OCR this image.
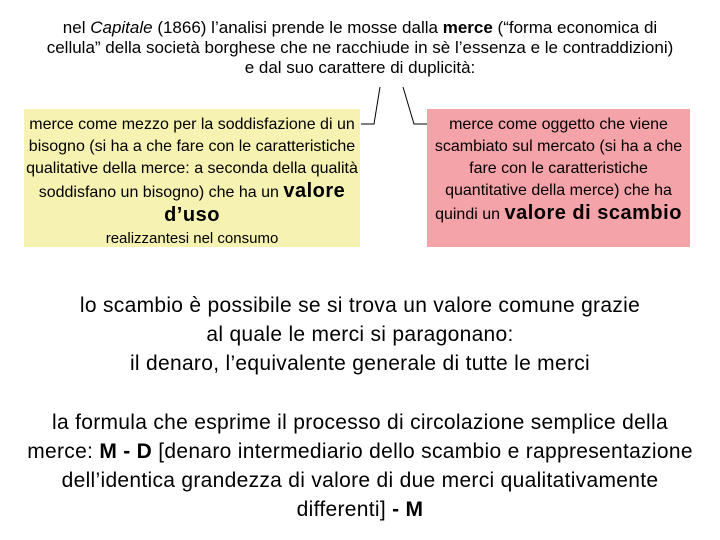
nel Capitale (1866) l’analisi prende le mosse dalla merce (“forma economica di cellula” della società borghese che ne racchiude in sè l’essenza e le contraddizioni) e dal suo carattere di duplicità:
merce come mezzo per la soddisfazione di un bisogno (si ha a che fare con le caratteristiche qualitative della merce: a seconda della qualità soddisfano un bisogno) che ha un valore d’uso
realizzantesi nel consumo
merce come oggetto che viene scambiato sul mercato (si ha a che fare con le caratteristiche quantitative della merce) che ha quindi un valore di scambio
lo scambio è possibile se si trova un valore comune grazie
al quale le merci si paragonano:
il denaro, l’equivalente generale di tutte le merci
la formula che esprime il processo di circolazione semplice della merce: M - D [denaro intermediario dello scambio e rappresentazione dell’identica grandezza di valore di due merci qualitativamente differenti] - M
